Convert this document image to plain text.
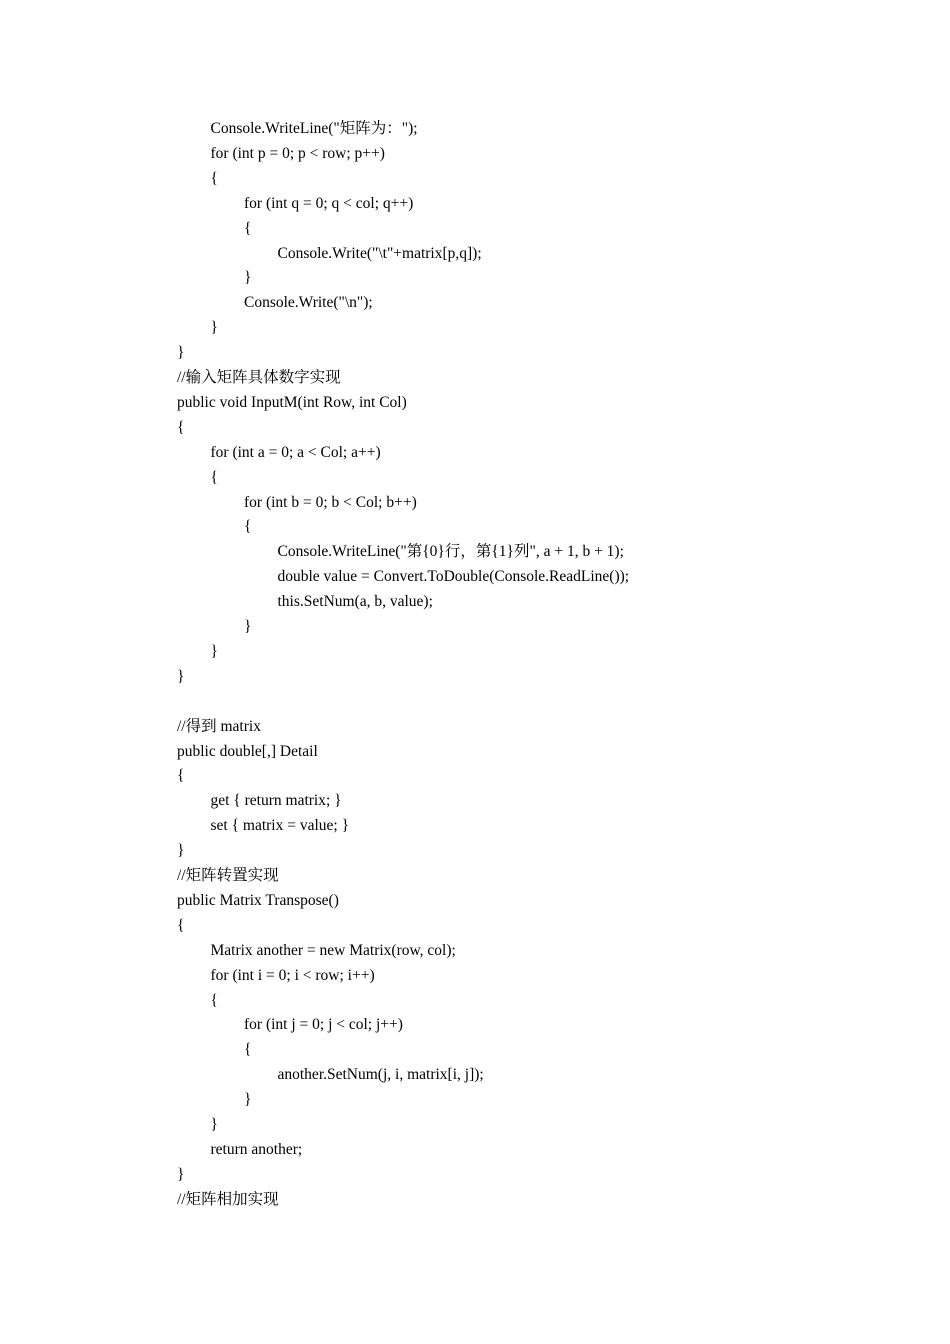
Console.WriteLine("矩阵为：");
for (int p = 0; p < row; p++)
{
for (int q = 0; q < col; q++)
{
Console.Write("\t"+matrix[p,q]);
}
Console.Write("\n");
}
}
//输入矩阵具体数字实现
public void InputM(int Row, int Col)
{
for (int a = 0; a < Col; a++)
{
for (int b = 0; b < Col; b++)
{
Console.WriteLine("第{0}行，第{1}列", a + 1, b + 1);
double value = Convert.ToDouble(Console.ReadLine());
this.SetNum(a, b, value);
}
}
}
//得到 matrix
public double[,] Detail
{
get { return matrix; }
set { matrix = value; }
}
//矩阵转置实现
public Matrix Transpose()
{
Matrix another = new Matrix(row, col);
for (int i = 0; i < row; i++)
{
for (int j = 0; j < col; j++)
{
another.SetNum(j, i, matrix[i, j]);
}
}
return another;
}
//矩阵相加实现
